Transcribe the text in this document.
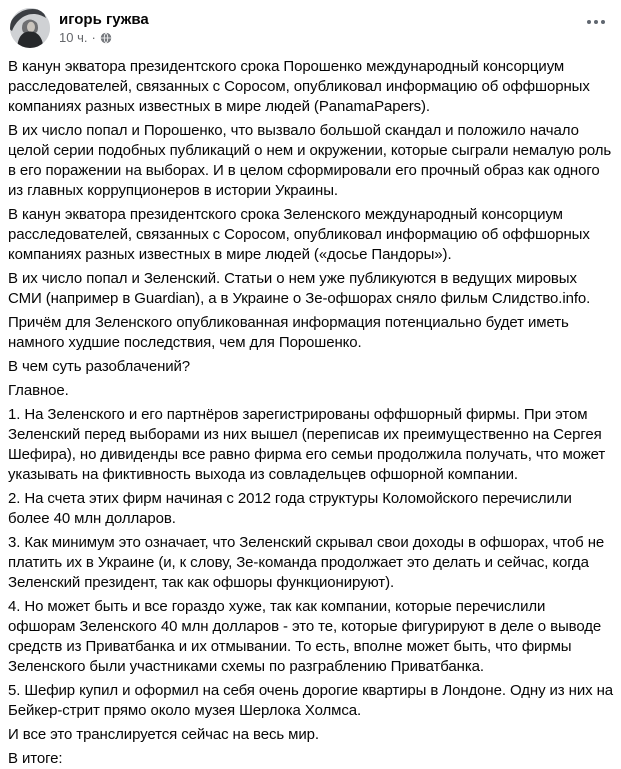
игорь гужва
10 ч. ·

В канун экватора президентского срока Порошенко международный консорциум расследователей, связанных с Соросом, опубликовал информацию об оффшорных компаниях разных известных в мире людей (PanamaPapers).

В их число попал и Порошенко, что вызвало большой скандал и положило начало целой серии подобных публикаций о нем и окружении, которые сыграли немалую роль в его поражении на выборах. И в целом сформировали его прочный образ как одного из главных коррупционеров в истории Украины.

В канун экватора президентского срока Зеленского международный консорциум расследователей, связанных с Соросом, опубликовал информацию об оффшорных компаниях разных известных в мире людей («досье Пандоры»).

В их число попал и Зеленский. Статьи о нем уже публикуются в ведущих мировых СМИ (например в Guardian), а в Украине о Зе-офшорах сняло фильм Слидство.info.

Причём для Зеленского опубликованная информация потенциально будет иметь намного худшие последствия, чем для Порошенко.

В чем суть разоблачений?

Главное.

1. На Зеленского и его партнёров зарегистрированы оффшорный фирмы. При этом Зеленский перед выборами из них вышел (переписав их преимущественно на Сергея Шефира), но дивиденды все равно фирма его семьи продолжила получать, что может указывать на фиктивность выхода из совладельцев офшорной компании.

2. На счета этих фирм начиная с 2012 года структуры Коломойского перечислили более 40 млн долларов.

3. Как минимум это означает, что Зеленский скрывал свои доходы в офшорах, чтоб не платить их в Украине (и, к слову, Зе-команда продолжает это делать и сейчас, когда Зеленский президент, так как офшоры функционируют).

4. Но может быть и все гораздо хуже, так как компании, которые перечислили офшорам Зеленского 40 млн долларов - это те, которые фигурируют в деле о выводе средств из Приватбанка и их отмывании. То есть, вполне может быть, что фирмы Зеленского были участниками схемы по разграблению Приватбанка.

5. Шефир купил и оформил на себя очень дорогие квартиры в Лондоне. Одну из них на Бейкер-стрит прямо около музея Шерлока Холмса.

И все это транслируется сейчас на весь мир.

В итоге:
